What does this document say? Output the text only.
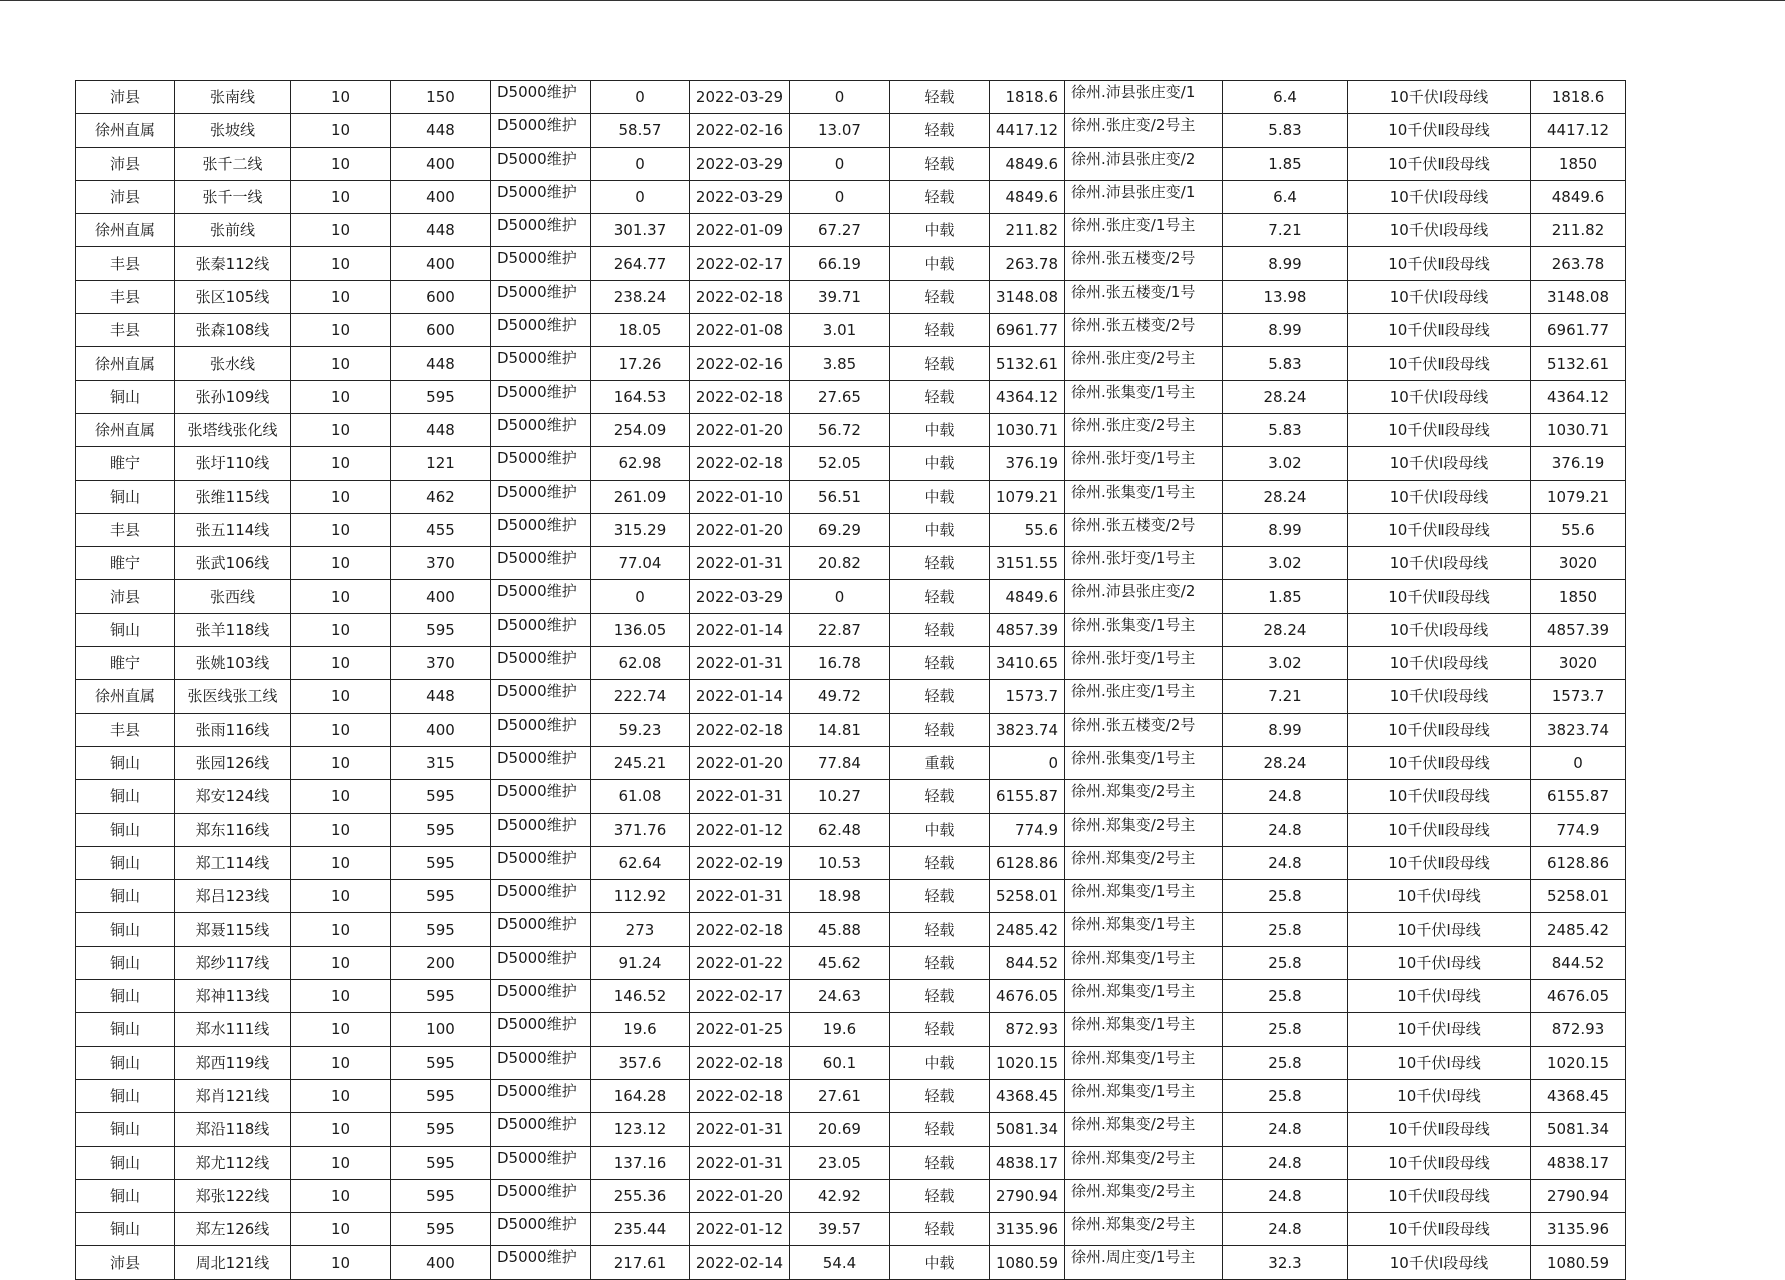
沛县	张南线	10	150	D5000维护	0	2022-03-29	0	轻载	1818.6	徐州.沛县张庄变/1	6.4	10千伏Ⅰ段母线	1818.6
徐州直属	张坡线	10	448	D5000维护	58.57	2022-02-16	13.07	轻载	4417.12	徐州.张庄变/2号主	5.83	10千伏Ⅱ段母线	4417.12
沛县	张千二线	10	400	D5000维护	0	2022-03-29	0	轻载	4849.6	徐州.沛县张庄变/2	1.85	10千伏Ⅱ段母线	1850
沛县	张千一线	10	400	D5000维护	0	2022-03-29	0	轻载	4849.6	徐州.沛县张庄变/1	6.4	10千伏Ⅰ段母线	4849.6
徐州直属	张前线	10	448	D5000维护	301.37	2022-01-09	67.27	中载	211.82	徐州.张庄变/1号主	7.21	10千伏Ⅰ段母线	211.82
丰县	张秦112线	10	400	D5000维护	264.77	2022-02-17	66.19	中载	263.78	徐州.张五楼变/2号	8.99	10千伏Ⅱ段母线	263.78
丰县	张区105线	10	600	D5000维护	238.24	2022-02-18	39.71	轻载	3148.08	徐州.张五楼变/1号	13.98	10千伏Ⅰ段母线	3148.08
丰县	张森108线	10	600	D5000维护	18.05	2022-01-08	3.01	轻载	6961.77	徐州.张五楼变/2号	8.99	10千伏Ⅱ段母线	6961.77
徐州直属	张水线	10	448	D5000维护	17.26	2022-02-16	3.85	轻载	5132.61	徐州.张庄变/2号主	5.83	10千伏Ⅱ段母线	5132.61
铜山	张孙109线	10	595	D5000维护	164.53	2022-02-18	27.65	轻载	4364.12	徐州.张集变/1号主	28.24	10千伏Ⅰ段母线	4364.12
徐州直属	张塔线张化线	10	448	D5000维护	254.09	2022-01-20	56.72	中载	1030.71	徐州.张庄变/2号主	5.83	10千伏Ⅱ段母线	1030.71
睢宁	张圩110线	10	121	D5000维护	62.98	2022-02-18	52.05	中载	376.19	徐州.张圩变/1号主	3.02	10千伏Ⅰ段母线	376.19
铜山	张维115线	10	462	D5000维护	261.09	2022-01-10	56.51	中载	1079.21	徐州.张集变/1号主	28.24	10千伏Ⅰ段母线	1079.21
丰县	张五114线	10	455	D5000维护	315.29	2022-01-20	69.29	中载	55.6	徐州.张五楼变/2号	8.99	10千伏Ⅱ段母线	55.6
睢宁	张武106线	10	370	D5000维护	77.04	2022-01-31	20.82	轻载	3151.55	徐州.张圩变/1号主	3.02	10千伏Ⅰ段母线	3020
沛县	张西线	10	400	D5000维护	0	2022-03-29	0	轻载	4849.6	徐州.沛县张庄变/2	1.85	10千伏Ⅱ段母线	1850
铜山	张羊118线	10	595	D5000维护	136.05	2022-01-14	22.87	轻载	4857.39	徐州.张集变/1号主	28.24	10千伏Ⅰ段母线	4857.39
睢宁	张姚103线	10	370	D5000维护	62.08	2022-01-31	16.78	轻载	3410.65	徐州.张圩变/1号主	3.02	10千伏Ⅰ段母线	3020
徐州直属	张医线张工线	10	448	D5000维护	222.74	2022-01-14	49.72	轻载	1573.7	徐州.张庄变/1号主	7.21	10千伏Ⅰ段母线	1573.7
丰县	张雨116线	10	400	D5000维护	59.23	2022-02-18	14.81	轻载	3823.74	徐州.张五楼变/2号	8.99	10千伏Ⅱ段母线	3823.74
铜山	张园126线	10	315	D5000维护	245.21	2022-01-20	77.84	重载	0	徐州.张集变/1号主	28.24	10千伏Ⅱ段母线	0
铜山	郑安124线	10	595	D5000维护	61.08	2022-01-31	10.27	轻载	6155.87	徐州.郑集变/2号主	24.8	10千伏Ⅱ段母线	6155.87
铜山	郑东116线	10	595	D5000维护	371.76	2022-01-12	62.48	中载	774.9	徐州.郑集变/2号主	24.8	10千伏Ⅱ段母线	774.9
铜山	郑工114线	10	595	D5000维护	62.64	2022-02-19	10.53	轻载	6128.86	徐州.郑集变/2号主	24.8	10千伏Ⅱ段母线	6128.86
铜山	郑吕123线	10	595	D5000维护	112.92	2022-01-31	18.98	轻载	5258.01	徐州.郑集变/1号主	25.8	10千伏Ⅰ母线	5258.01
铜山	郑聂115线	10	595	D5000维护	273	2022-02-18	45.88	轻载	2485.42	徐州.郑集变/1号主	25.8	10千伏Ⅰ母线	2485.42
铜山	郑纱117线	10	200	D5000维护	91.24	2022-01-22	45.62	轻载	844.52	徐州.郑集变/1号主	25.8	10千伏Ⅰ母线	844.52
铜山	郑神113线	10	595	D5000维护	146.52	2022-02-17	24.63	轻载	4676.05	徐州.郑集变/1号主	25.8	10千伏Ⅰ母线	4676.05
铜山	郑水111线	10	100	D5000维护	19.6	2022-01-25	19.6	轻载	872.93	徐州.郑集变/1号主	25.8	10千伏Ⅰ母线	872.93
铜山	郑西119线	10	595	D5000维护	357.6	2022-02-18	60.1	中载	1020.15	徐州.郑集变/1号主	25.8	10千伏Ⅰ母线	1020.15
铜山	郑肖121线	10	595	D5000维护	164.28	2022-02-18	27.61	轻载	4368.45	徐州.郑集变/1号主	25.8	10千伏Ⅰ母线	4368.45
铜山	郑沿118线	10	595	D5000维护	123.12	2022-01-31	20.69	轻载	5081.34	徐州.郑集变/2号主	24.8	10千伏Ⅱ段母线	5081.34
铜山	郑尤112线	10	595	D5000维护	137.16	2022-01-31	23.05	轻载	4838.17	徐州.郑集变/2号主	24.8	10千伏Ⅱ段母线	4838.17
铜山	郑张122线	10	595	D5000维护	255.36	2022-01-20	42.92	轻载	2790.94	徐州.郑集变/2号主	24.8	10千伏Ⅱ段母线	2790.94
铜山	郑左126线	10	595	D5000维护	235.44	2022-01-12	39.57	轻载	3135.96	徐州.郑集变/2号主	24.8	10千伏Ⅱ段母线	3135.96
沛县	周北121线	10	400	D5000维护	217.61	2022-02-14	54.4	中载	1080.59	徐州.周庄变/1号主	32.3	10千伏Ⅰ段母线	1080.59
